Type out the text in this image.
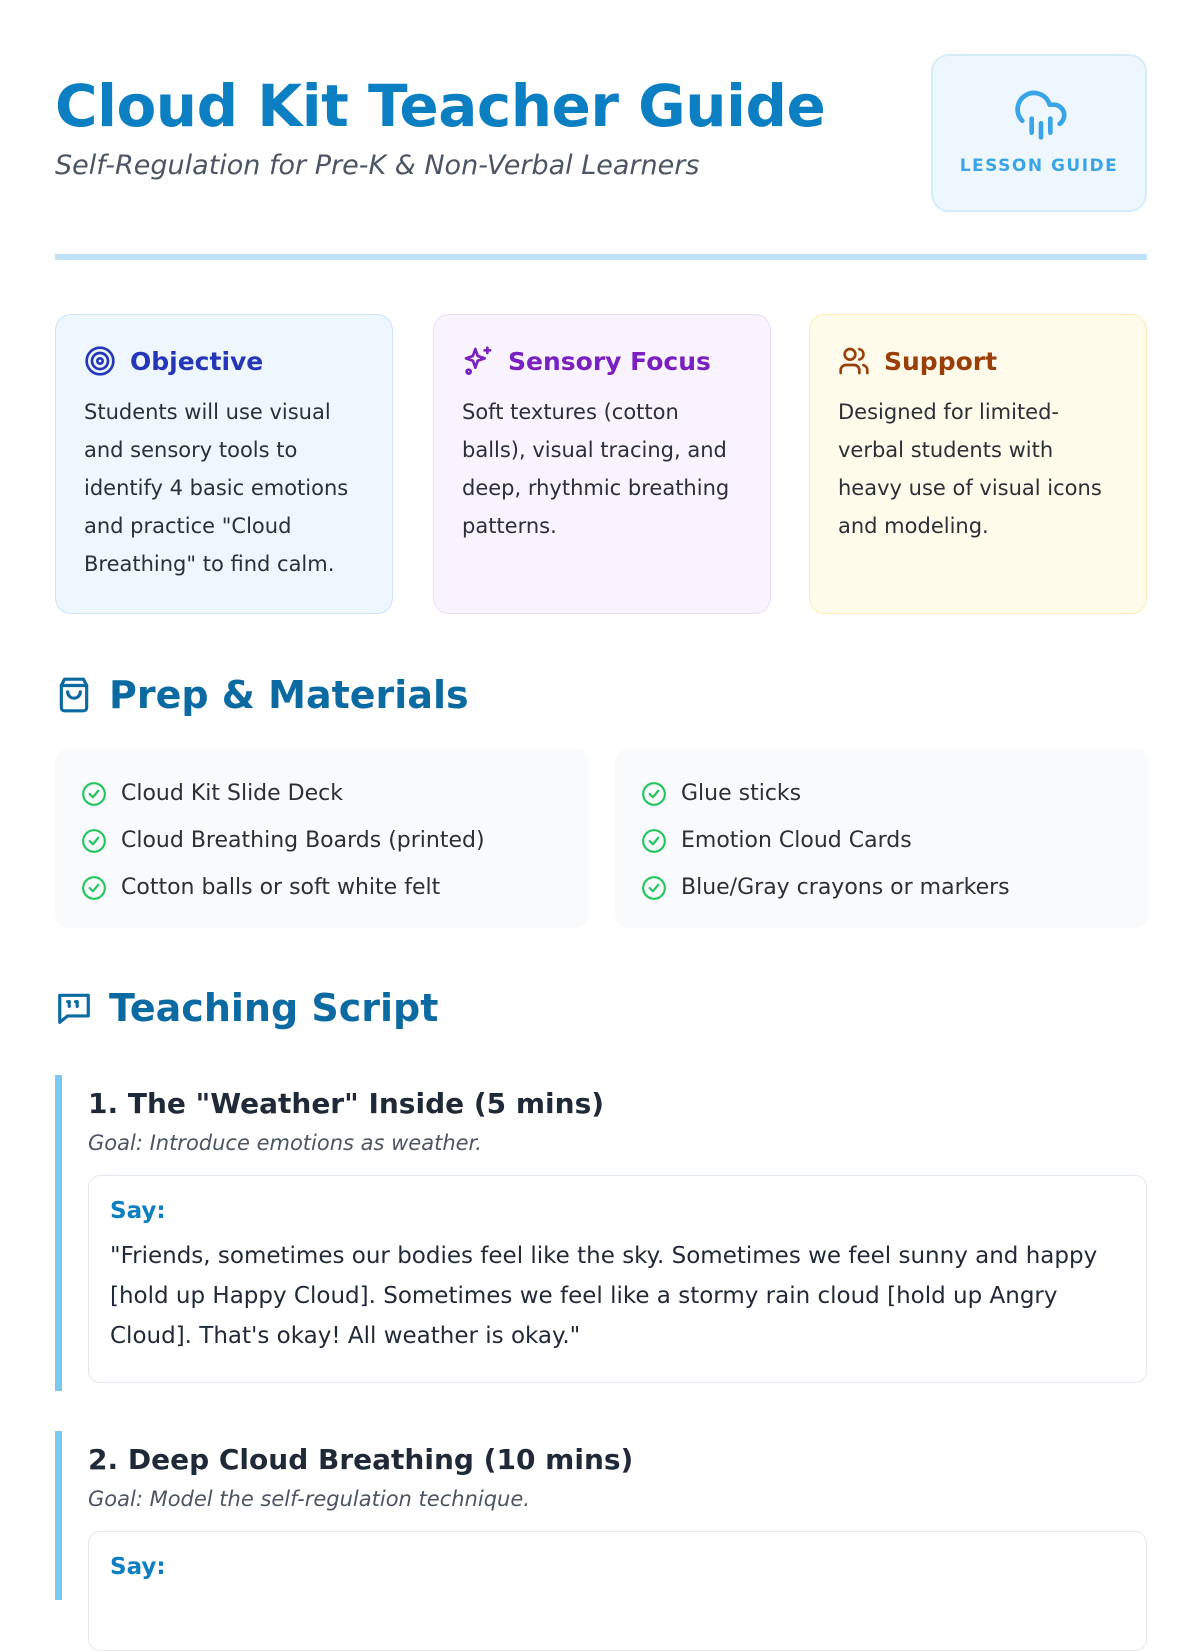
Cloud Kit Teacher Guide

Self-Regulation for Pre-K & Non-Verbal Learners	LESSON GUIDE
Objective
Students will use visual and sensory tools to identify 4 basic emotions and practice "Cloud Breathing" to find calm.
Sensory Focus
Soft textures (cotton balls), visual tracing, and deep, rhythmic breathing patterns.
Support
Designed for limited-verbal students with heavy use of visual icons and modeling.
Prep & Materials
Cloud Kit Slide Deck
Cloud Breathing Boards (printed)
Cotton balls or soft white felt
Glue sticks
Emotion Cloud Cards
Blue/Gray crayons or markers
Teaching Script
1. The "Weather" Inside (5 mins)
Goal: Introduce emotions as weather.
Say:
"Friends, sometimes our bodies feel like the sky. Sometimes we feel sunny and happy [hold up Happy Cloud]. Sometimes we feel like a stormy rain cloud [hold up Angry Cloud]. That's okay! All weather is okay."
2. Deep Cloud Breathing (10 mins)
Goal: Model the self-regulation technique.
Say:
